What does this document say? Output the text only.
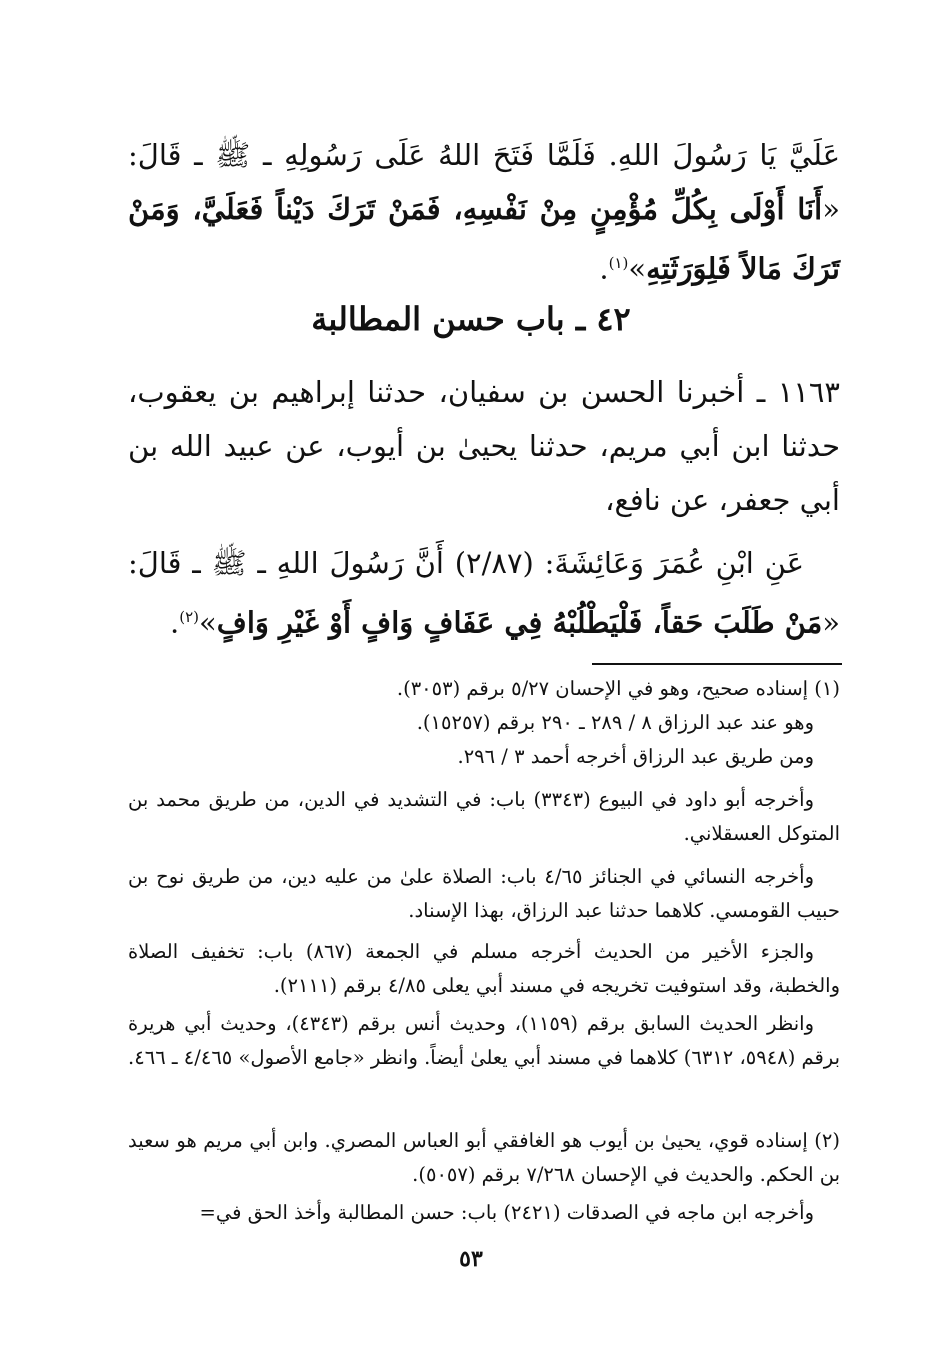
عَلَيَّ يَا رَسُولَ اللهِ. فَلَمَّا فَتَحَ اللهُ عَلَى رَسُولِهِ ـ ﷺ ـ قَالَ: «أَنَا أَوْلَى بِكُلِّ مُؤْمِنٍ مِنْ نَفْسِهِ، فَمَنْ تَرَكَ دَيْناً فَعَلَيَّ، وَمَنْ تَرَكَ مَالاً فَلِوَرَثَتِهِ»$^{(١)}$.

٤٢ ـ باب حسن المطالبة

١١٦٣ ـ أخبرنا الحسن بن سفيان، حدثنا إبراهيم بن يعقوب، حدثنا ابن أبي مريم، حدثنا يحيىٰ بن أيوب، عن عبيد الله بن أبي جعفر، عن نافع،

عَنِ ابْنِ عُمَرَ وَعَائِشَةَ: (٢/٨٧) أَنَّ رَسُولَ اللهِ ـ ﷺ ـ قَالَ: «مَنْ طَلَبَ حَقاً، فَلْيَطْلُبْهُ فِي عَفَافٍ وَافٍ أَوْ غَيْرِ وَافٍ»$^{(٢)}$.

(١) إسناده صحيح، وهو في الإحسان ٥/٢٧ برقم (٣٠٥٣).

وهو عند عبد الرزاق ٨ / ٢٨٩ ـ ٢٩٠ برقم (١٥٢٥٧).

ومن طريق عبد الرزاق أخرجه أحمد ٣ / ٢٩٦.

وأخرجه أبو داود في البيوع (٣٣٤٣) باب: في التشديد في الدين، من طريق محمد بن المتوكل العسقلاني.

وأخرجه النسائي في الجنائز ٤/٦٥ باب: الصلاة علىٰ من عليه دين، من طريق نوح بن حبيب القومسي. كلاهما حدثنا عبد الرزاق، بهذا الإسناد.

والجزء الأخير من الحديث أخرجه مسلم في الجمعة (٨٦٧) باب: تخفيف الصلاة والخطبة، وقد استوفيت تخريجه في مسند أبي يعلى ٤/٨٥ برقم (٢١١١).

وانظر الحديث السابق برقم (١١٥٩)، وحديث أنس برقم (٤٣٤٣)، وحديث أبي هريرة برقم (٥٩٤٨، ٦٣١٢) كلاهما في مسند أبي يعلىٰ أيضاً. وانظر «جامع الأصول» ٤/٤٦٥ ـ ٤٦٦.

(٢) إسناده قوي، يحيىٰ بن أيوب هو الغافقي أبو العباس المصري. وابن أبي مريم هو سعيد بن الحكم. والحديث في الإحسان ٧/٢٦٨ برقم (٥٠٥٧).

وأخرجه ابن ماجه في الصدقات (٢٤٢١) باب: حسن المطالبة وأخذ الحق في=

٥٣
